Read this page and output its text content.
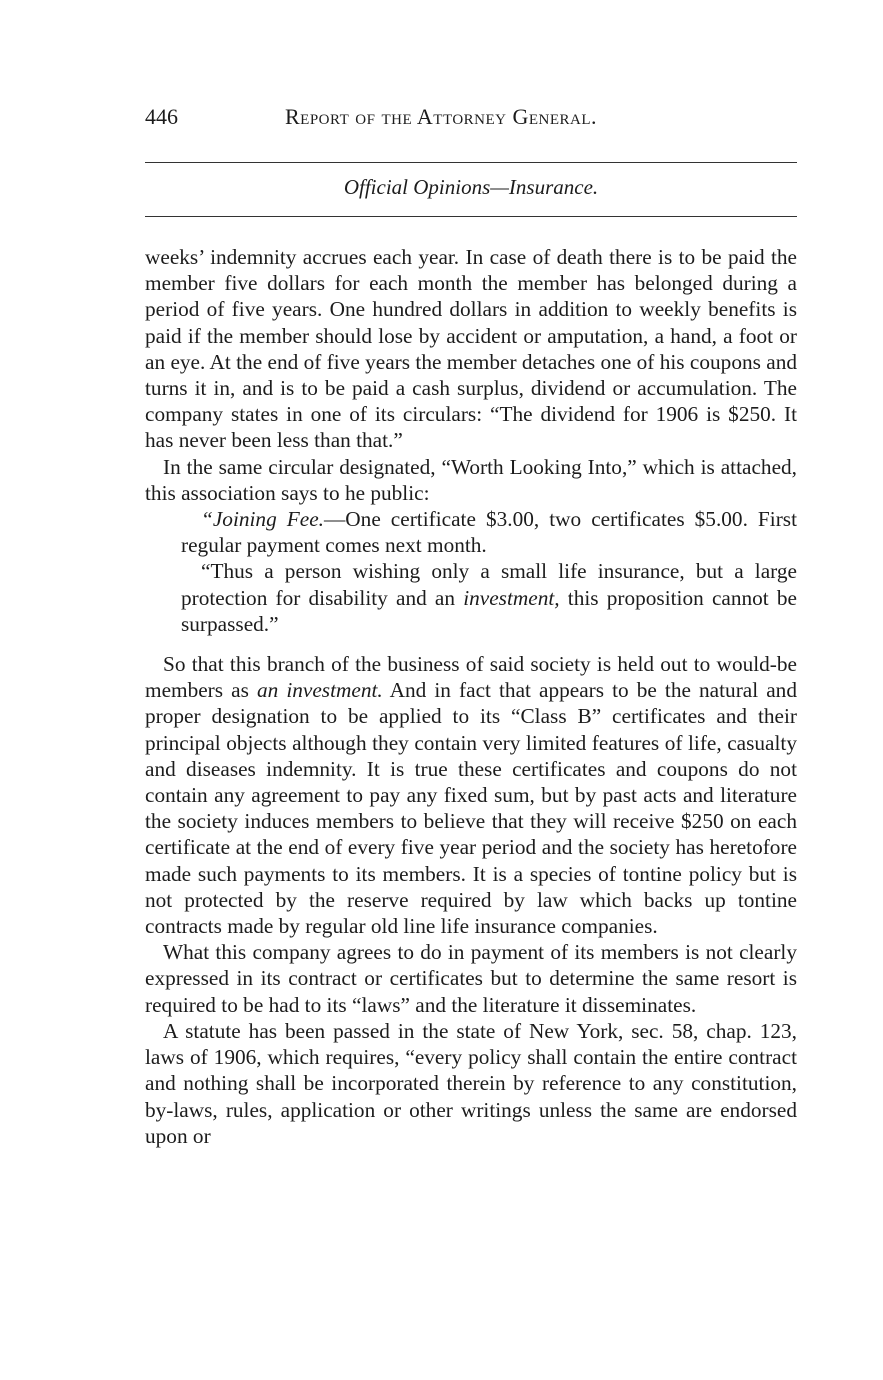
446	Report of the Attorney General.
Official Opinions—Insurance.

weeks’ indemnity accrues each year. In case of death there is to be paid the member five dollars for each month the member has belonged during a period of five years. One hundred dollars in addition to weekly benefits is paid if the member should lose by accident or amputation, a hand, a foot or an eye. At the end of five years the member detaches one of his coupons and turns it in, and is to be paid a cash surplus, dividend or accumulation. The company states in one of its circulars: “The dividend for 1906 is $250. It has never been less than that.”

In the same circular designated, “Worth Looking Into,” which is attached, this association says to he public:

“Joining Fee.—One certificate $3.00, two certificates $5.00. First regular payment comes next month.

“Thus a person wishing only a small life insurance, but a large protection for disability and an investment, this proposition cannot be surpassed.”

So that this branch of the business of said society is held out to would-be members as an investment. And in fact that appears to be the natural and proper designation to be applied to its “Class B” certificates and their principal objects although they contain very limited features of life, casualty and diseases indemnity. It is true these certificates and coupons do not contain any agreement to pay any fixed sum, but by past acts and literature the society induces members to believe that they will receive $250 on each certificate at the end of every five year period and the society has heretofore made such payments to its members. It is a species of tontine policy but is not protected by the reserve required by law which backs up tontine contracts made by regular old line life insurance companies.

What this company agrees to do in payment of its members is not clearly expressed in its contract or certificates but to determine the same resort is required to be had to its “laws” and the literature it disseminates.

A statute has been passed in the state of New York, sec. 58, chap. 123, laws of 1906, which requires, “every policy shall contain the entire contract and nothing shall be incorporated therein by reference to any constitution, by-laws, rules, application or other writings unless the same are endorsed upon or
